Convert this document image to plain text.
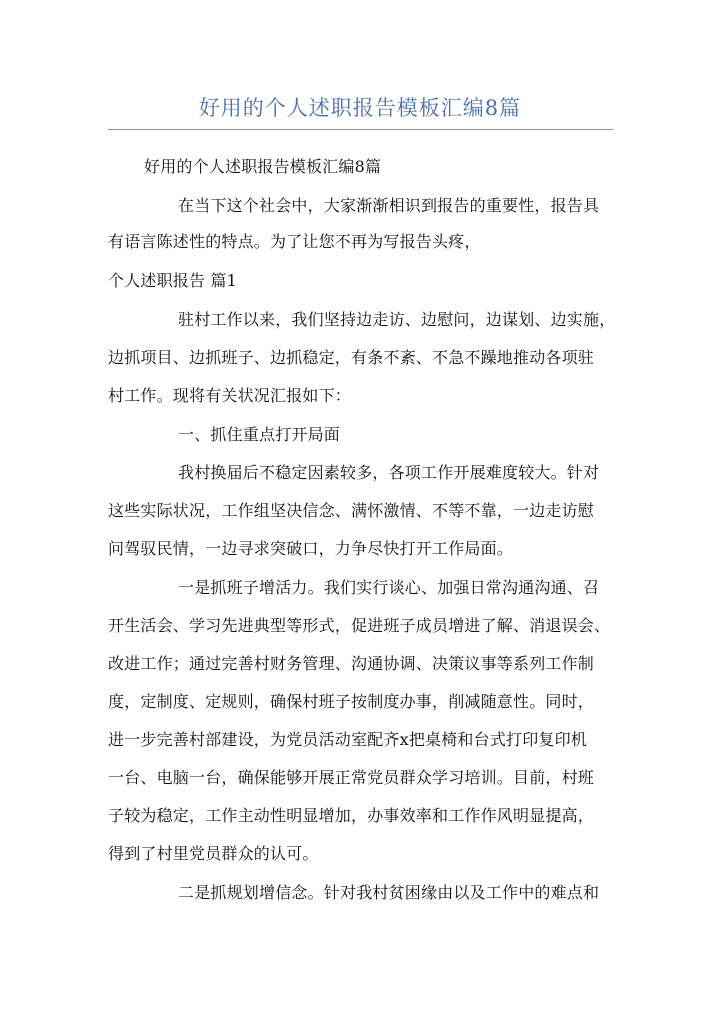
好用的个人述职报告模板汇编8篇
好用的个人述职报告模板汇编8篇
在当下这个社会中，大家渐渐相识到报告的重要性，报告具
有语言陈述性的特点。为了让您不再为写报告头疼，
个人述职报告 篇1
驻村工作以来，我们坚持边走访、边慰问，边谋划、边实施，
边抓项目、边抓班子、边抓稳定，有条不紊、不急不躁地推动各项驻
村工作。现将有关状况汇报如下：
一、抓住重点打开局面
我村换届后不稳定因素较多，各项工作开展难度较大。针对
这些实际状况，工作组坚决信念、满怀激情、不等不靠，一边走访慰
问驾驭民情，一边寻求突破口，力争尽快打开工作局面。
一是抓班子增活力。我们实行谈心、加强日常沟通沟通、召
开生活会、学习先进典型等形式，促进班子成员增进了解、消退误会、
改进工作；通过完善村财务管理、沟通协调、决策议事等系列工作制
度，定制度、定规则，确保村班子按制度办事，削减随意性。同时，
进一步完善村部建设，为党员活动室配齐x把桌椅和台式打印复印机
一台、电脑一台，确保能够开展正常党员群众学习培训。目前，村班
子较为稳定，工作主动性明显增加，办事效率和工作作风明显提高，
得到了村里党员群众的认可。
二是抓规划增信念。针对我村贫困缘由以及工作中的难点和
